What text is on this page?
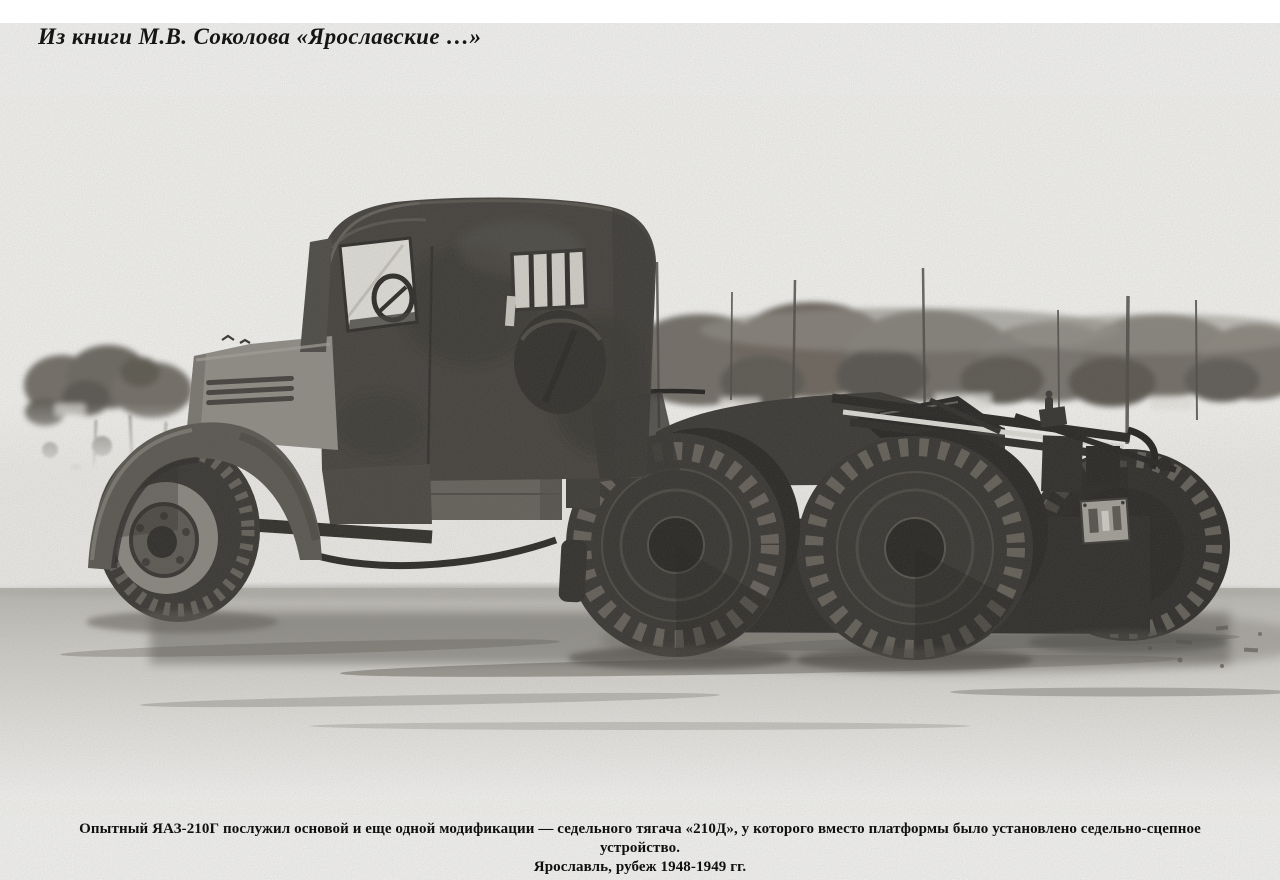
Из книги М.В. Соколова «Ярославские …»

Опытный ЯАЗ-210Г послужил основой и еще одной модификации — седельного тягача «210Д», у которого вместо платформы было установлено седельно-сцепное устройство.

Ярославль, рубеж 1948-1949 гг.
